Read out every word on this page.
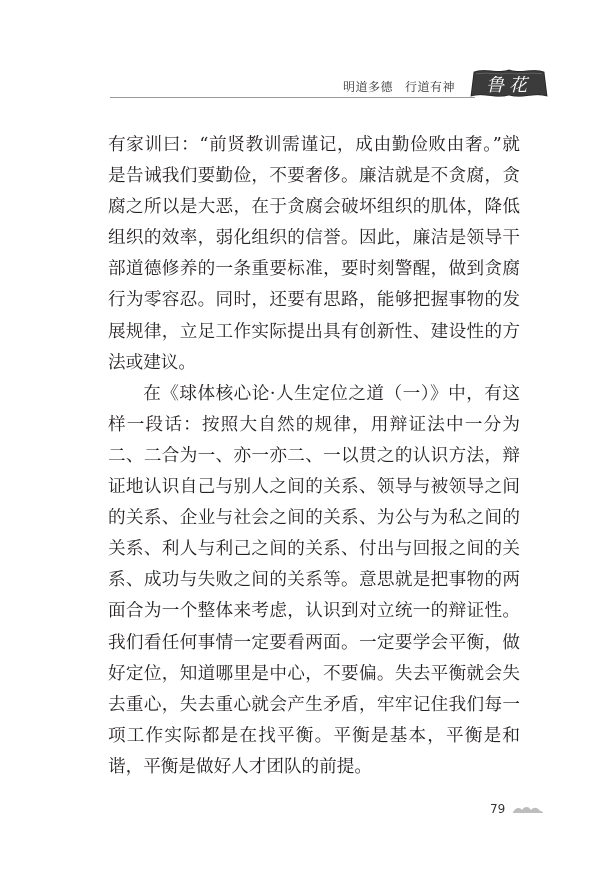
明道多德 行道有神	鲁花

有家训曰：“前贤教训需谨记，成由勤俭败由奢。”就是告诫我们要勤俭，不要奢侈。廉洁就是不贪腐，贪腐之所以是大恶，在于贪腐会破坏组织的肌体，降低组织的效率，弱化组织的信誉。因此，廉洁是领导干部道德修养的一条重要标准，要时刻警醒，做到贪腐行为零容忍。同时，还要有思路，能够把握事物的发展规律，立足工作实际提出具有创新性、建设性的方法或建议。

在《球体核心论·人生定位之道（一）》中，有这样一段话：按照大自然的规律，用辩证法中一分为二、二合为一、亦一亦二、一以贯之的认识方法，辩证地认识自己与别人之间的关系、领导与被领导之间的关系、企业与社会之间的关系、为公与为私之间的关系、利人与利己之间的关系、付出与回报之间的关系、成功与失败之间的关系等。意思就是把事物的两面合为一个整体来考虑，认识到对立统一的辩证性。我们看任何事情一定要看两面。一定要学会平衡，做好定位，知道哪里是中心，不要偏。失去平衡就会失去重心，失去重心就会产生矛盾，牢牢记住我们每一项工作实际都是在找平衡。平衡是基本，平衡是和谐，平衡是做好人才团队的前提。

79
